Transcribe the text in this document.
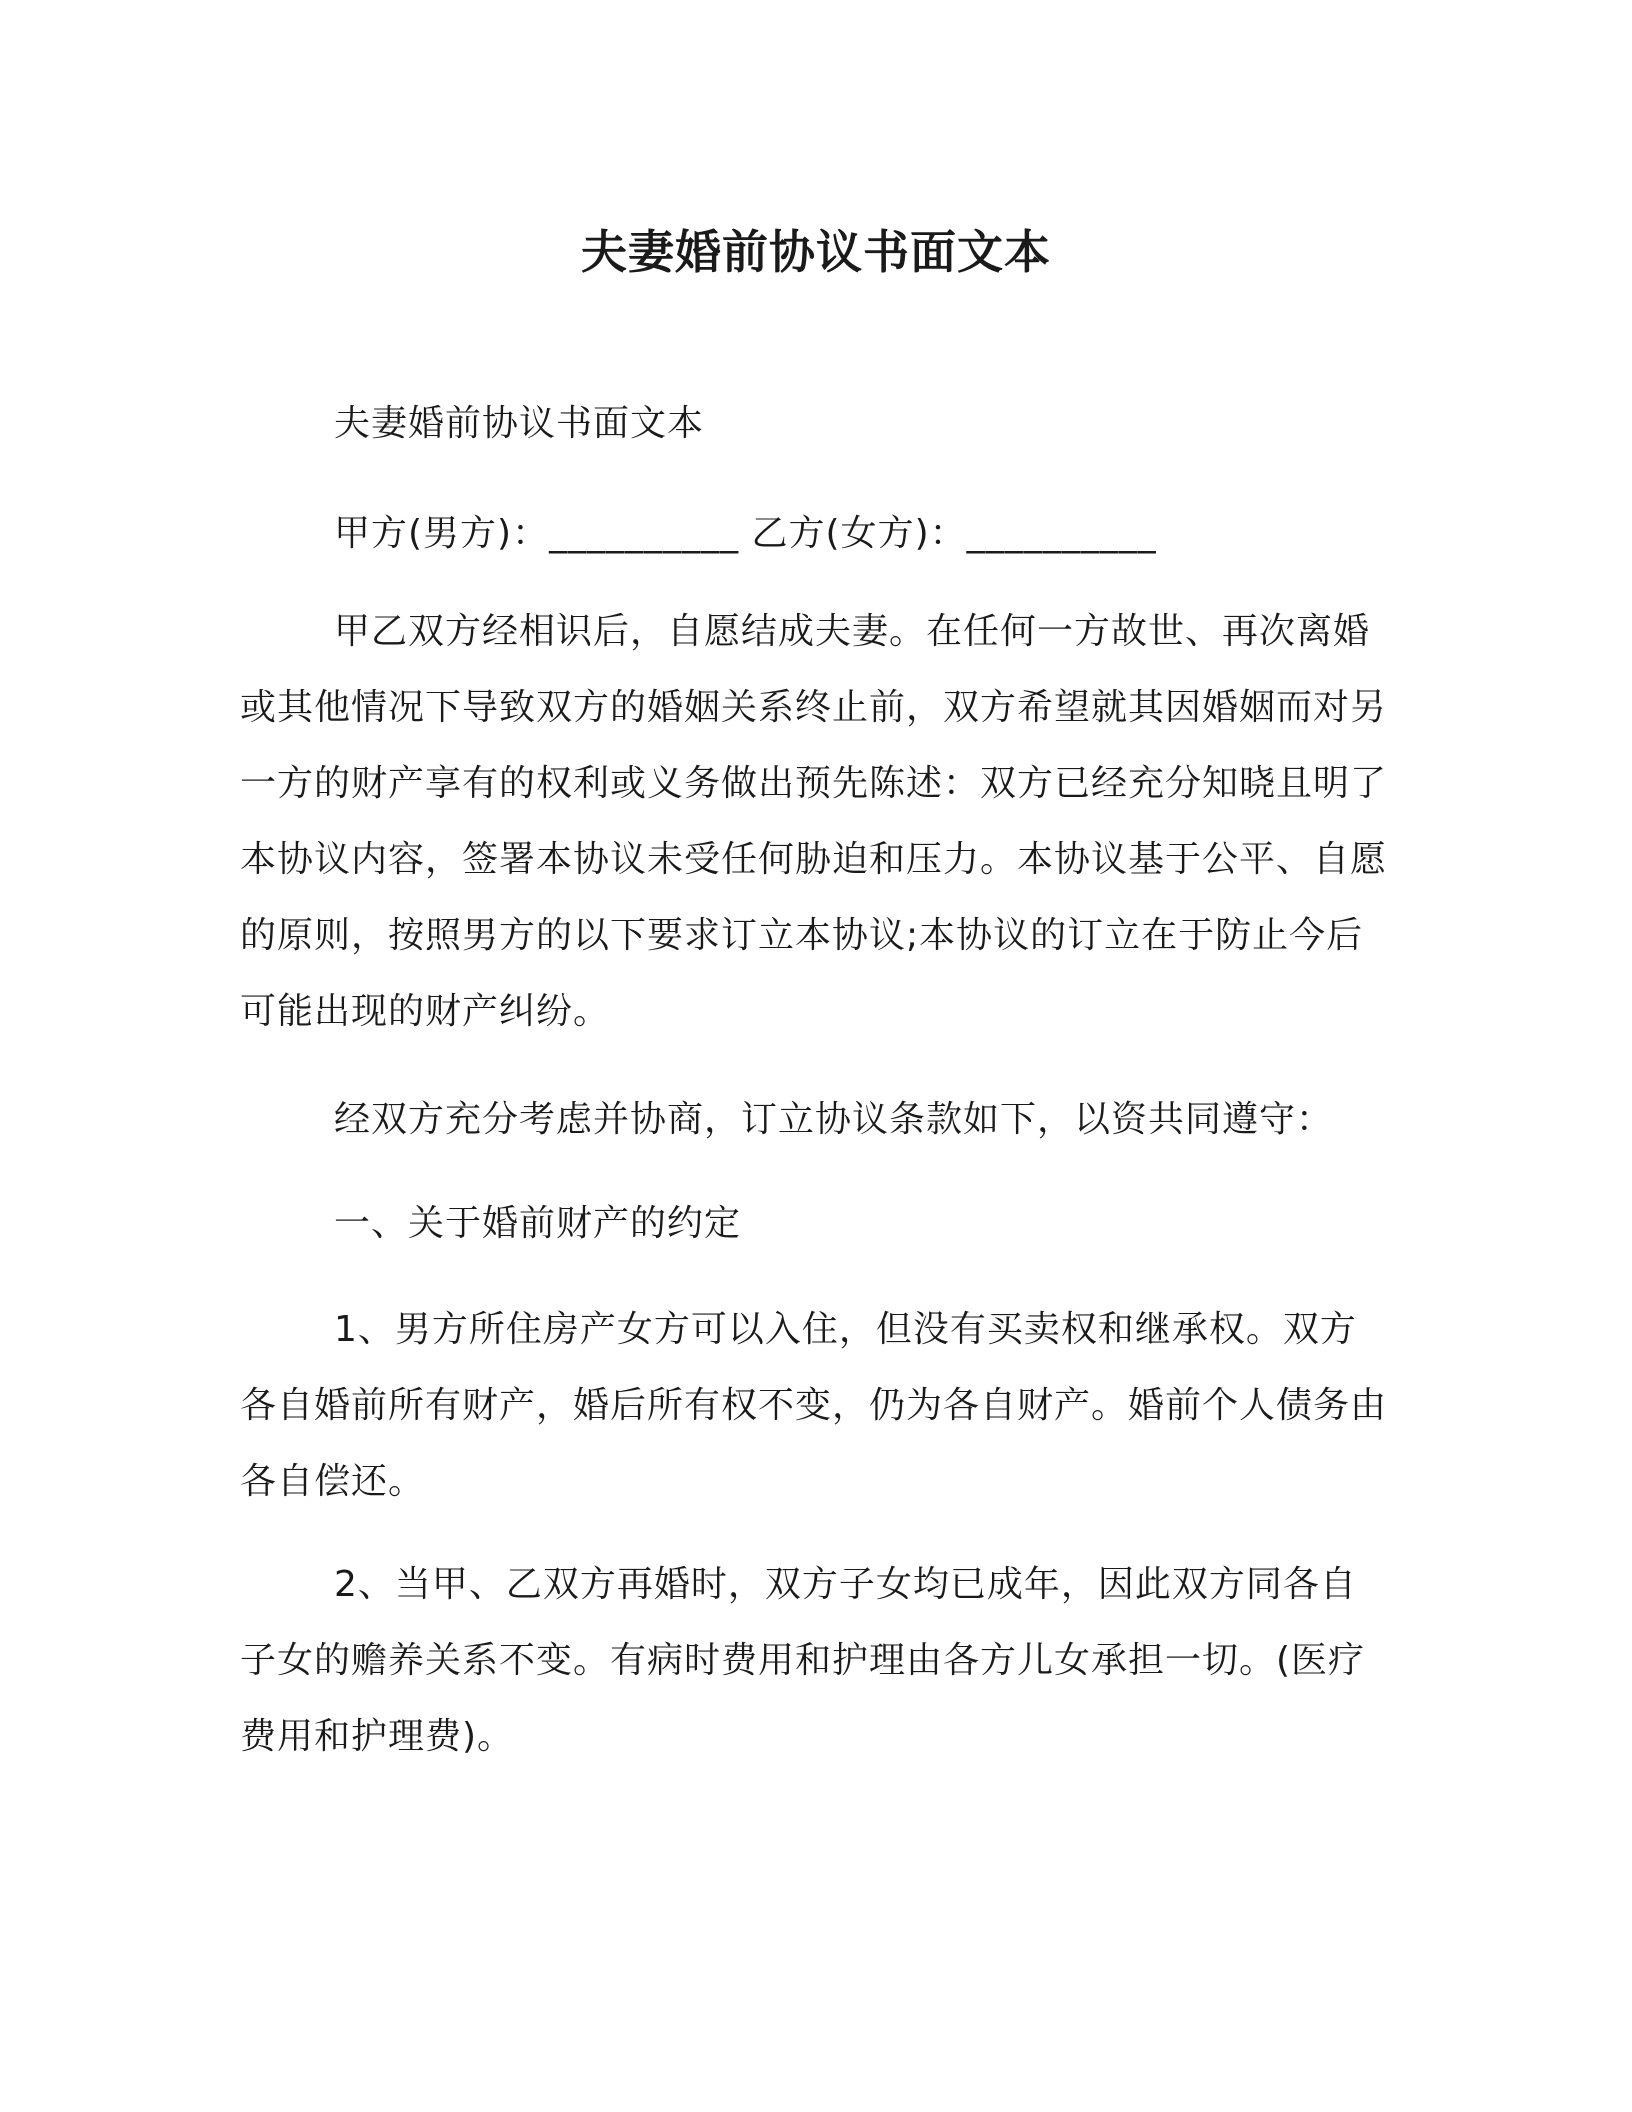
夫妻婚前协议书面文本
夫妻婚前协议书面文本
甲方(男方)：__________ 乙方(女方)：__________
甲乙双方经相识后，自愿结成夫妻。在任何一方故世、再次离婚或其他情况下导致双方的婚姻关系终止前，双方希望就其因婚姻而对另一方的财产享有的权利或义务做出预先陈述：双方已经充分知晓且明了本协议内容，签署本协议未受任何胁迫和压力。本协议基于公平、自愿的原则，按照男方的以下要求订立本协议;本协议的订立在于防止今后可能出现的财产纠纷。
经双方充分考虑并协商，订立协议条款如下，以资共同遵守：
一、关于婚前财产的约定
1、男方所住房产女方可以入住，但没有买卖权和继承权。双方各自婚前所有财产，婚后所有权不变，仍为各自财产。婚前个人债务由各自偿还。
2、当甲、乙双方再婚时，双方子女均已成年，因此双方同各自子女的赡养关系不变。有病时费用和护理由各方儿女承担一切。(医疗费用和护理费)。
